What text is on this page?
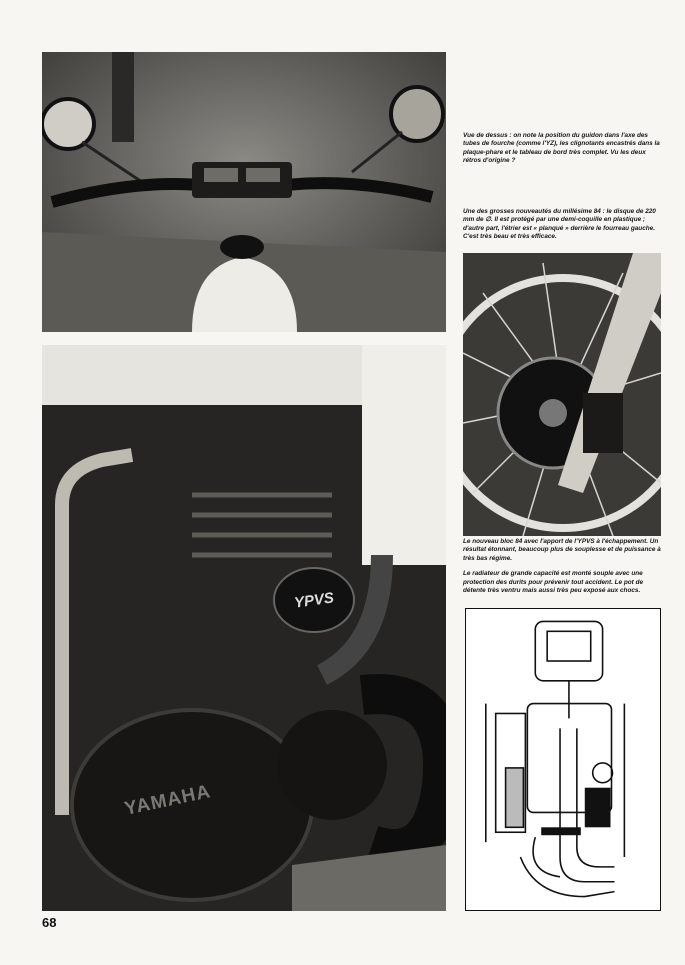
YPVS
YAMAHA

Vue de dessus : on note la position du guidon dans l'axe des tubes de fourche (comme l'YZ), les clignotants encastrés dans la plaque-phare et le tableau de bord très complet. Vu les deux rétros d'origine ?

Une des grosses nouveautés du millésime 84 : le disque de 220 mm de ∅. Il est protégé par une demi-coquille en plastique ; d'autre part, l'étrier est « planqué » derrière le fourreau gauche. C'est très beau et très efficace.

Le nouveau bloc 84 avec l'apport de l'YPVS à l'échappement. Un résultat étonnant, beaucoup plus de souplesse et de puissance à très bas régime.

Le radiateur de grande capacité est monté souple avec une protection des durits pour prévenir tout accident. Le pot de détente très ventru mais aussi très peu exposé aux chocs.

68
